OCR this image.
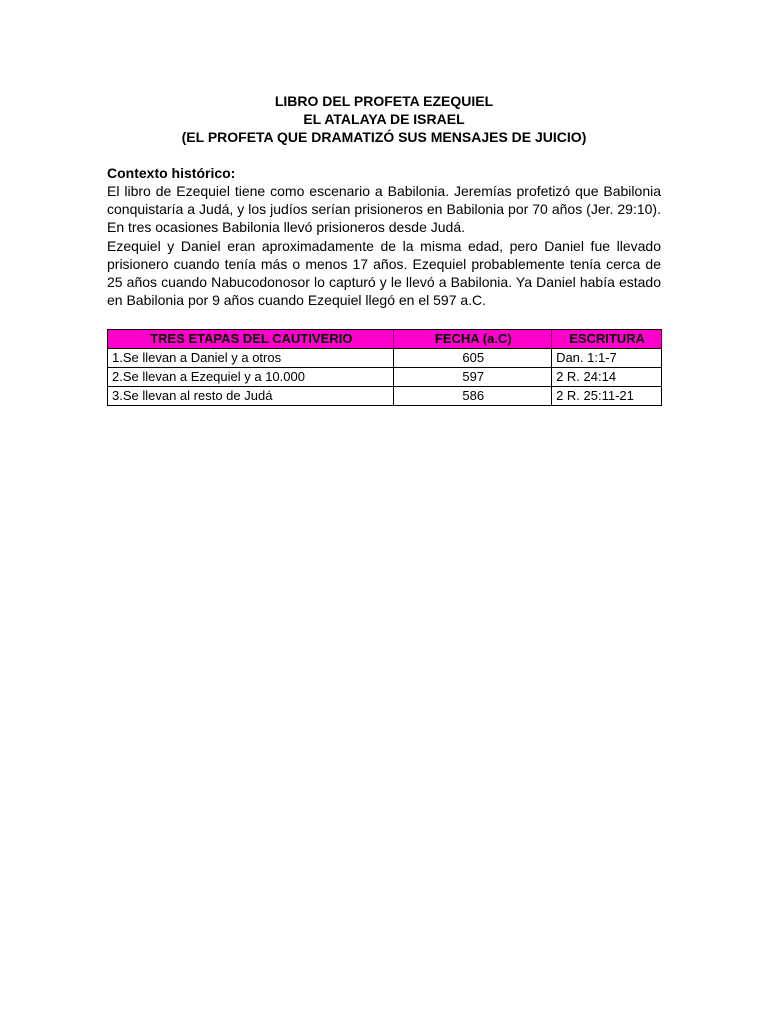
LIBRO DEL PROFETA EZEQUIEL
EL ATALAYA DE ISRAEL
(EL PROFETA QUE DRAMATIZÓ SUS MENSAJES DE JUICIO)
Contexto histórico:

El libro de Ezequiel tiene como escenario a Babilonia. Jeremías profetizó que Babilonia conquistaría a Judá, y los judíos serían prisioneros en Babilonia por 70 años (Jer. 29:10). En tres ocasiones Babilonia llevó prisioneros desde Judá.

Ezequiel y Daniel eran aproximadamente de la misma edad, pero Daniel fue llevado prisionero cuando tenía más o menos 17 años. Ezequiel probablemente tenía cerca de 25 años cuando Nabucodonosor lo capturó y le llevó a Babilonia. Ya Daniel había estado en Babilonia por 9 años cuando Ezequiel llegó en el 597 a.C.

TRES ETAPAS DEL CAUTIVERIO	FECHA (a.C)	ESCRITURA
1.Se llevan a Daniel y a otros	605	Dan. 1:1-7
2.Se llevan a Ezequiel y a 10.000	597	2 R. 24:14
3.Se llevan al resto de Judá	586	2 R. 25:11-21
